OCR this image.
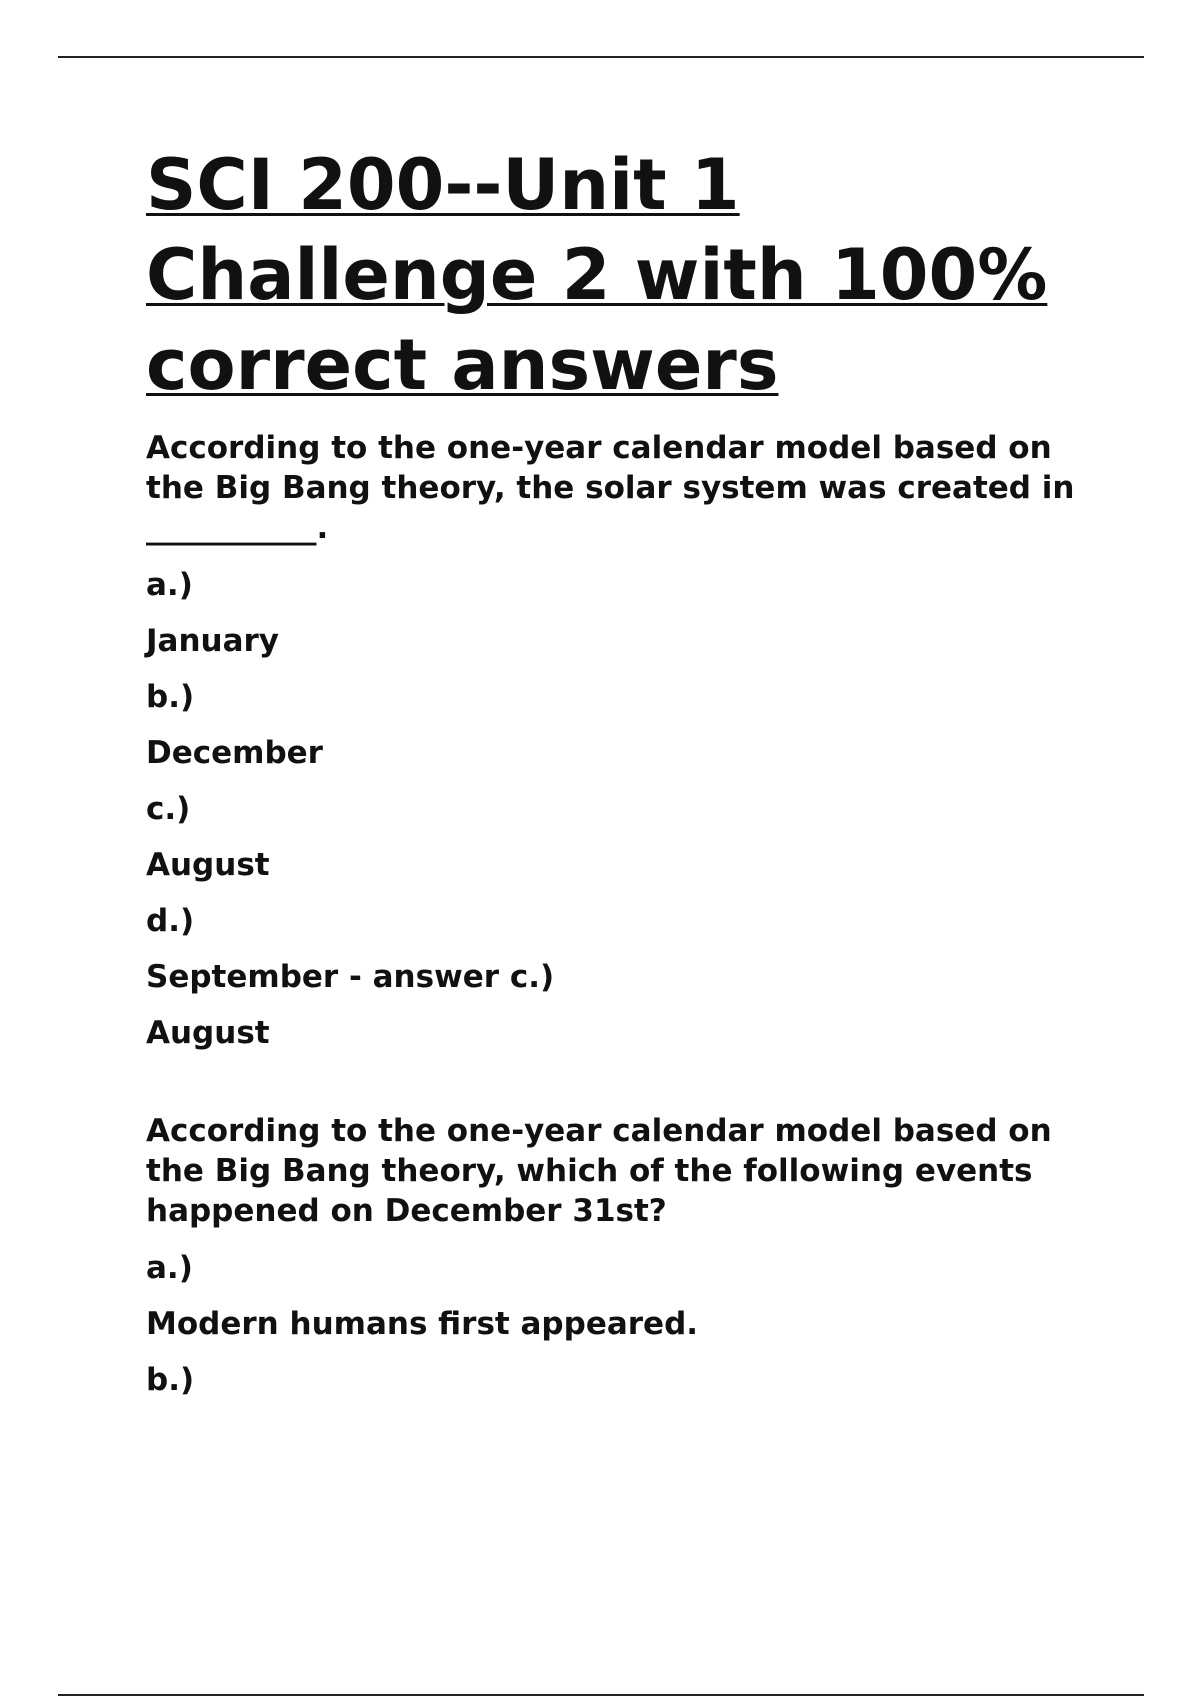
SCI 200--Unit 1 Challenge 2 with 100% correct answers

According to the one-year calendar model based on the Big Bang theory, the solar system was created in ___________.

a.)

January

b.)

December

c.)

August

d.)

September - answer c.)

August

According to the one-year calendar model based on the Big Bang theory, which of the following events happened on December 31st?

a.)

Modern humans first appeared.

b.)
